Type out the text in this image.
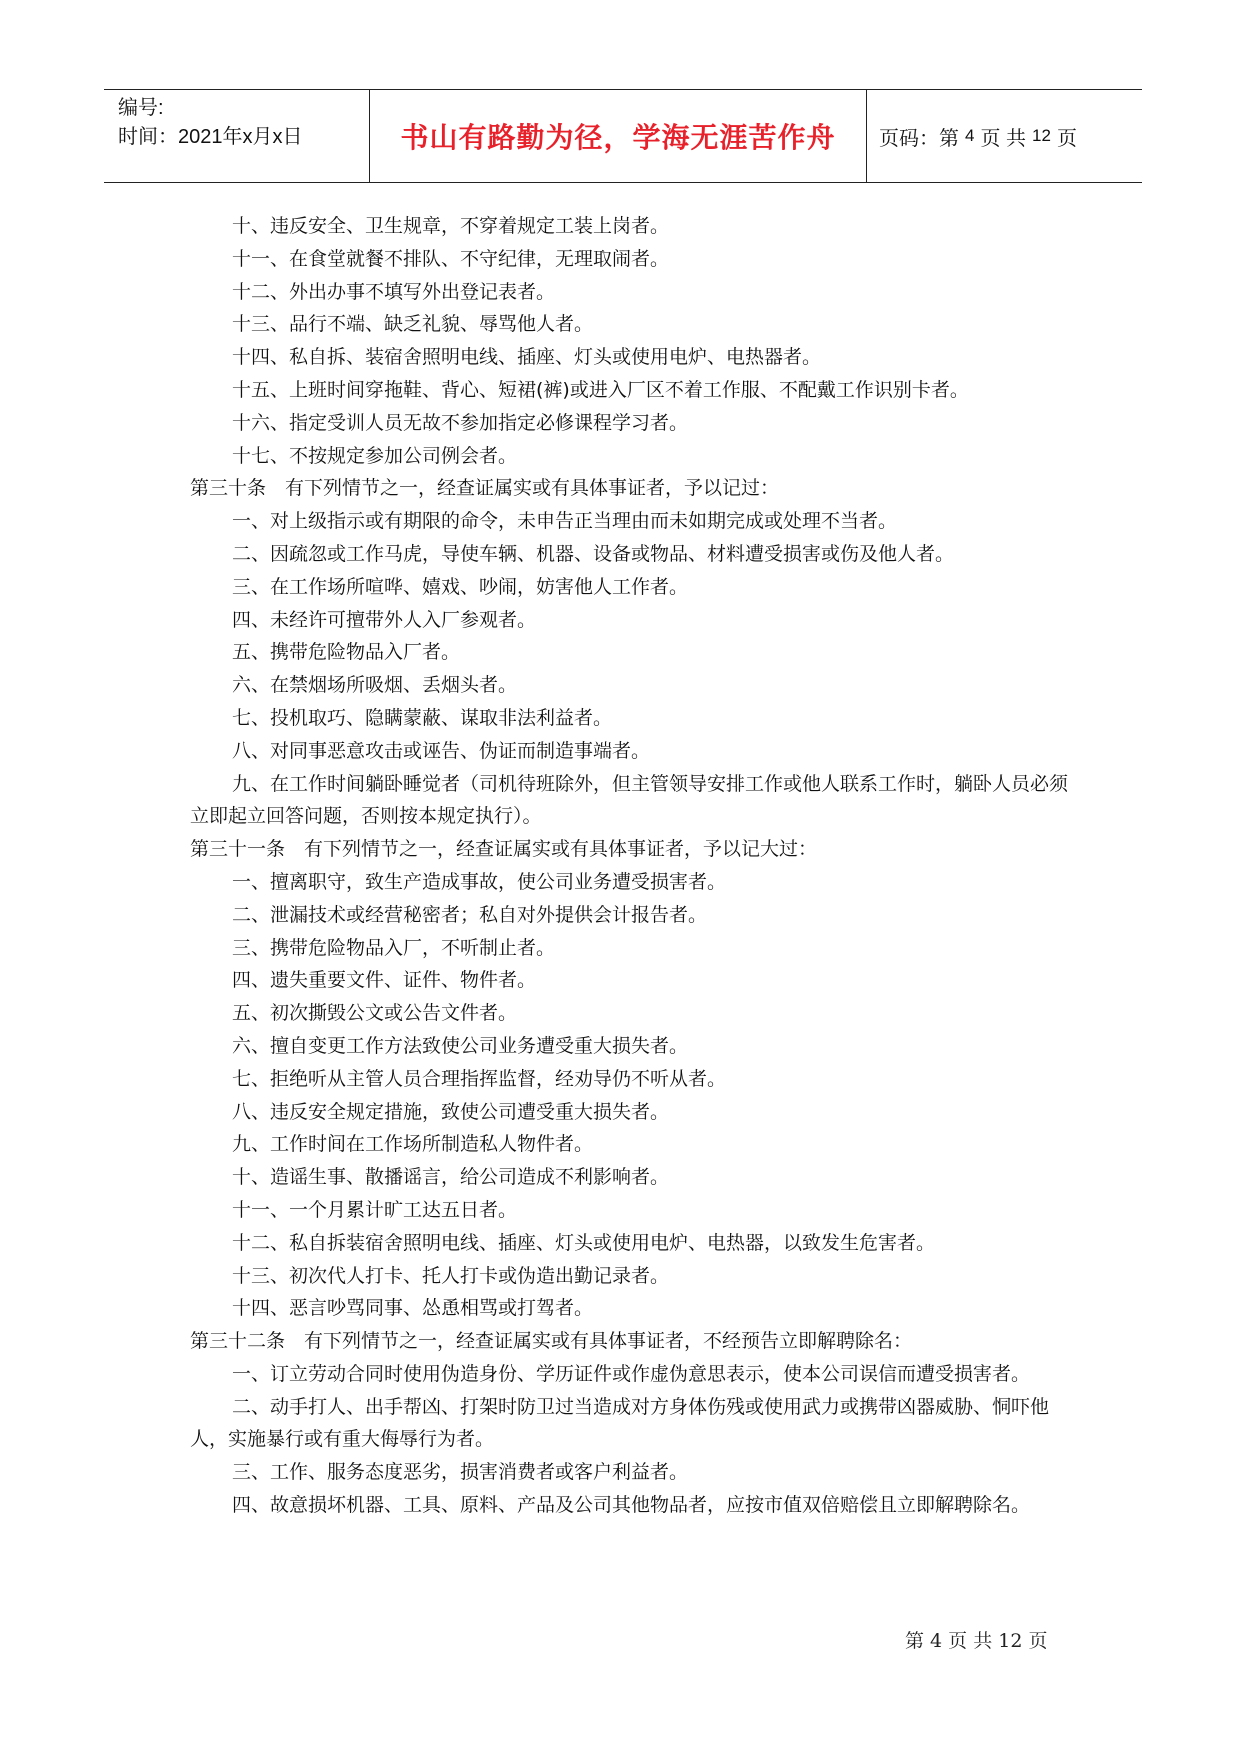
编号:
时间：2021年x月x日	书山有路勤为径，学海无涯苦作舟 页码：第 4 页 共 12 页

十、违反安全、卫生规章，不穿着规定工装上岗者。

十一、在食堂就餐不排队、不守纪律，无理取闹者。

十二、外出办事不填写外出登记表者。

十三、品行不端、缺乏礼貌、辱骂他人者。

十四、私自拆、装宿舍照明电线、插座、灯头或使用电炉、电热器者。

十五、上班时间穿拖鞋、背心、短裙(裤)或进入厂区不着工作服、不配戴工作识别卡者。

十六、指定受训人员无故不参加指定必修课程学习者。

十七、不按规定参加公司例会者。

第三十条　有下列情节之一，经查证属实或有具体事证者，予以记过：

一、对上级指示或有期限的命令，未申告正当理由而未如期完成或处理不当者。

二、因疏忽或工作马虎，导使车辆、机器、设备或物品、材料遭受损害或伤及他人者。

三、在工作场所喧哗、嬉戏、吵闹，妨害他人工作者。

四、未经许可擅带外人入厂参观者。

五、携带危险物品入厂者。

六、在禁烟场所吸烟、丢烟头者。

七、投机取巧、隐瞒蒙蔽、谋取非法利益者。

八、对同事恶意攻击或诬告、伪证而制造事端者。

九、在工作时间躺卧睡觉者（司机待班除外，但主管领导安排工作或他人联系工作时，躺卧人员必须立即起立回答问题，否则按本规定执行）。

第三十一条　有下列情节之一，经查证属实或有具体事证者，予以记大过：

一、擅离职守，致生产造成事故，使公司业务遭受损害者。

二、泄漏技术或经营秘密者；私自对外提供会计报告者。

三、携带危险物品入厂，不听制止者。

四、遗失重要文件、证件、物件者。

五、初次撕毁公文或公告文件者。

六、擅自变更工作方法致使公司业务遭受重大损失者。

七、拒绝听从主管人员合理指挥监督，经劝导仍不听从者。

八、违反安全规定措施，致使公司遭受重大损失者。

九、工作时间在工作场所制造私人物件者。

十、造谣生事、散播谣言，给公司造成不利影响者。

十一、一个月累计旷工达五日者。

十二、私自拆装宿舍照明电线、插座、灯头或使用电炉、电热器，以致发生危害者。

十三、初次代人打卡、托人打卡或伪造出勤记录者。

十四、恶言吵骂同事、怂恿相骂或打驾者。

第三十二条　有下列情节之一，经查证属实或有具体事证者，不经预告立即解聘除名：

一、订立劳动合同时使用伪造身份、学历证件或作虚伪意思表示，使本公司误信而遭受损害者。

二、动手打人、出手帮凶、打架时防卫过当造成对方身体伤残或使用武力或携带凶器威胁、恫吓他人，实施暴行或有重大侮辱行为者。

三、工作、服务态度恶劣，损害消费者或客户利益者。

四、故意损坏机器、工具、原料、产品及公司其他物品者，应按市值双倍赔偿且立即解聘除名。

第 4 页 共 12 页
